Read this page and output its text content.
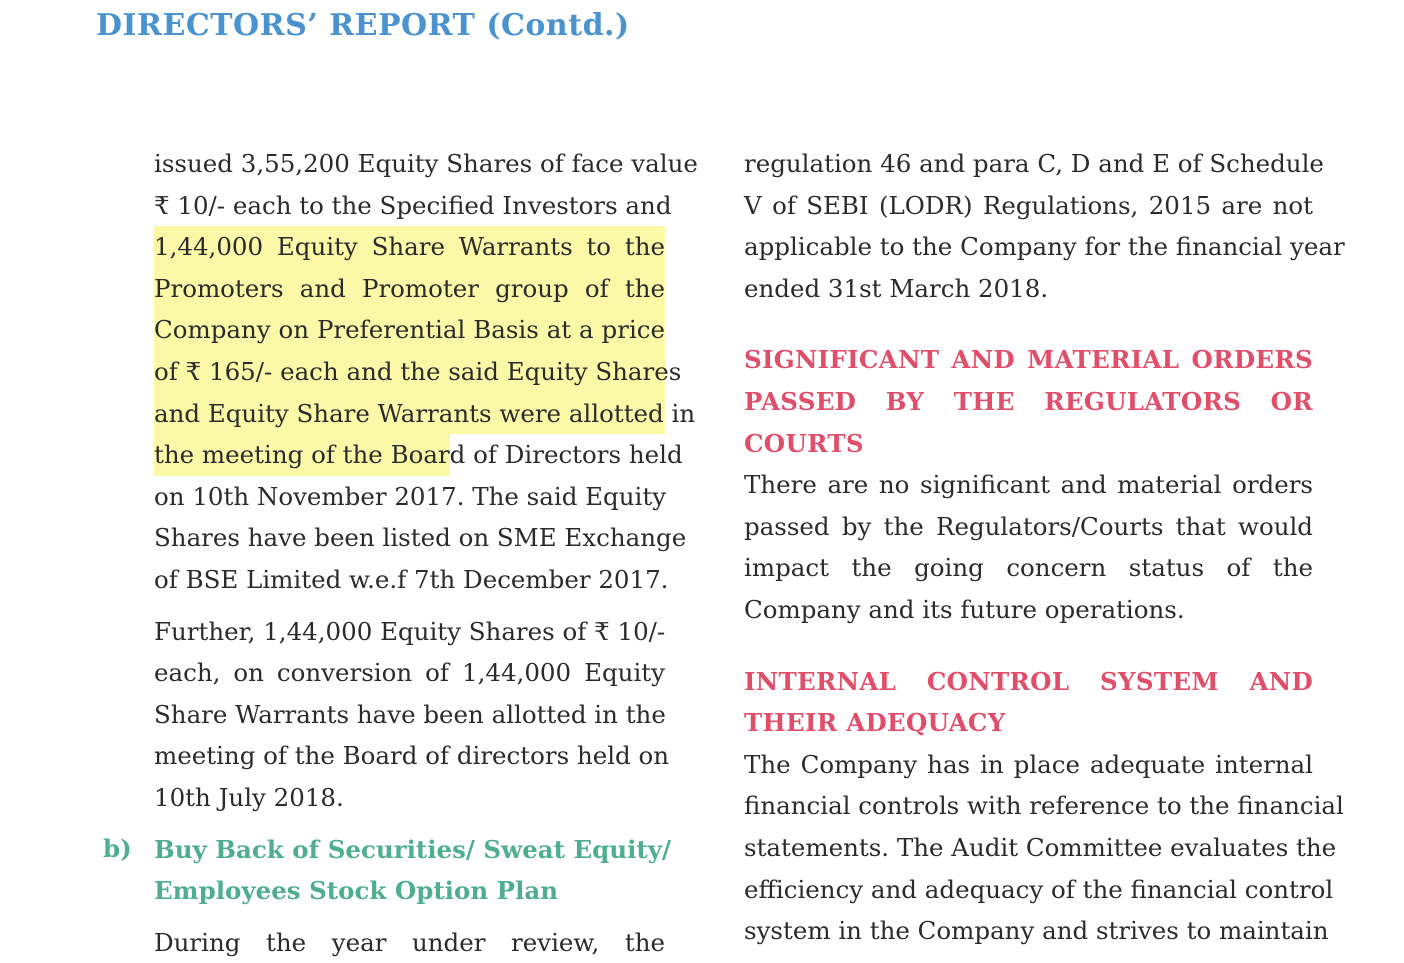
DIRECTORS’ REPORT (Contd.)
issued 3,55,200 Equity Shares of face value
₹ 10/- each to the Specified Investors and
1,44,000 Equity Share Warrants to the
Promoters and Promoter group of the
Company on Preferential Basis at a price
of ₹ 165/- each and the said Equity Shares
and Equity Share Warrants were allotted in
the meeting of the Boar d of Directors held
on 10th November 2017. The said Equity
Shares have been listed on SME Exchange
of BSE Limited w.e.f 7th December 2017.
Further, 1,44,000 Equity Shares of ₹ 10/-
each, on conversion of 1,44,000 Equity
Share Warrants have been allotted in the
meeting of the Board of directors held on
10th July 2018.
Buy Back of Securities/ Sweat Equity/
Employees Stock Option Plan
During the year under review, the
b)
regulation 46 and para C, D and E of Schedule
V of SEBI (LODR) Regulations, 2015 are not
applicable to the Company for the financial year
ended 31st March 2018.
SIGNIFICANT AND MATERIAL ORDERS
PASSED BY THE REGULATORS OR
COURTS
There are no significant and material orders
passed by the Regulators/Courts that would
impact the going concern status of the
Company and its future operations.
INTERNAL CONTROL SYSTEM AND
THEIR ADEQUACY
The Company has in place adequate internal
financial controls with reference to the financial
statements. The Audit Committee evaluates the
efficiency and adequacy of the financial control
system in the Company and strives to maintain
